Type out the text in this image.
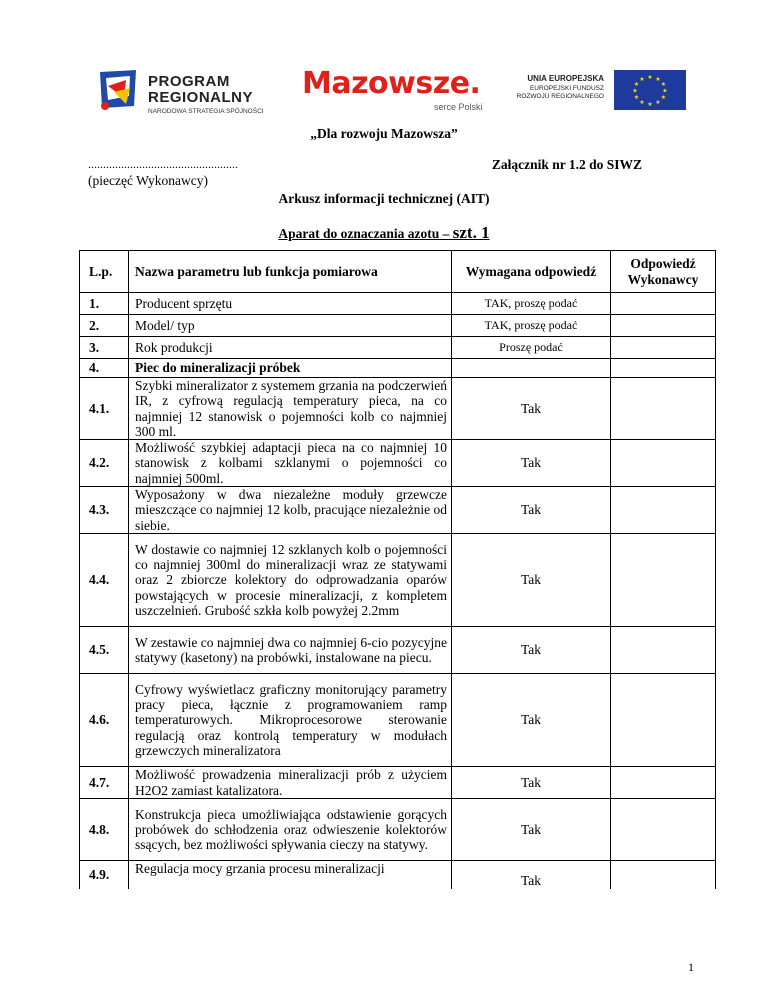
PROGRAM
REGIONALNY
NARODOWA STRATEGIA SPÓJNOŚCI
Mazowsze.
serce Polski
UNIA EUROPEJSKA
EUROPEJSKI FUNDUSZ
ROZWOJU REGIONALNEGO
★ ★
★
★
★
★
★
★
★
★
★
★
„Dla rozwoju Mazowsza”
..................................................
(pieczęć Wykonawcy)
Załącznik nr 1.2 do SIWZ
Arkusz informacji technicznej (AIT)
Aparat do oznaczania azotu – szt. 1
L.p.	Nazwa parametru lub funkcja pomiarowa	Wymagana odpowiedź	Odpowiedź Wykonawcy
1.	Producent sprzętu	TAK, proszę podać	
2.	Model/ typ	TAK, proszę podać	
3.	Rok produkcji	Proszę podać	
4.	Piec do mineralizacji próbek		
4.1.	Szybki mineralizator z systemem grzania na podczerwień IR, z cyfrową regulacją temperatury pieca, na co najmniej 12 stanowisk o pojemności kolb co najmniej 300 ml.	Tak	
4.2.	Możliwość szybkiej adaptacji pieca na co najmniej 10 stanowisk z kolbami szklanymi o pojemności co najmniej 500ml.	Tak	
4.3.	Wyposażony w dwa niezależne moduły grzewcze mieszczące co najmniej 12 kolb, pracujące niezależnie od siebie.	Tak	
4.4.	W dostawie co najmniej 12 szklanych kolb o pojemności co najmniej 300ml do mineralizacji wraz ze statywami oraz 2 zbiorcze kolektory do odprowadzania oparów powstających w procesie mineralizacji, z kompletem uszczelnień. Grubość szkła kolb powyżej 2.2mm	Tak	
4.5.	W zestawie co najmniej dwa co najmniej 6-cio pozycyjne statywy (kasetony) na probówki, instalowane na piecu.	Tak	
4.6.	Cyfrowy wyświetlacz graficzny monitorujący parametry pracy pieca, łącznie z programowaniem ramp temperaturowych. Mikroprocesorowe sterowanie regulacją oraz kontrolą temperatury w modułach grzewczych mineralizatora	Tak	
4.7.	Możliwość prowadzenia mineralizacji prób z użyciem H2O2 zamiast katalizatora.	Tak	
4.8.	Konstrukcja pieca umożliwiająca odstawienie gorących probówek do schłodzenia oraz odwieszenie kolektorów ssących, bez możliwości spływania cieczy na statywy.	Tak	
4.9.	Regulacja mocy grzania procesu mineralizacji	Tak	
1
